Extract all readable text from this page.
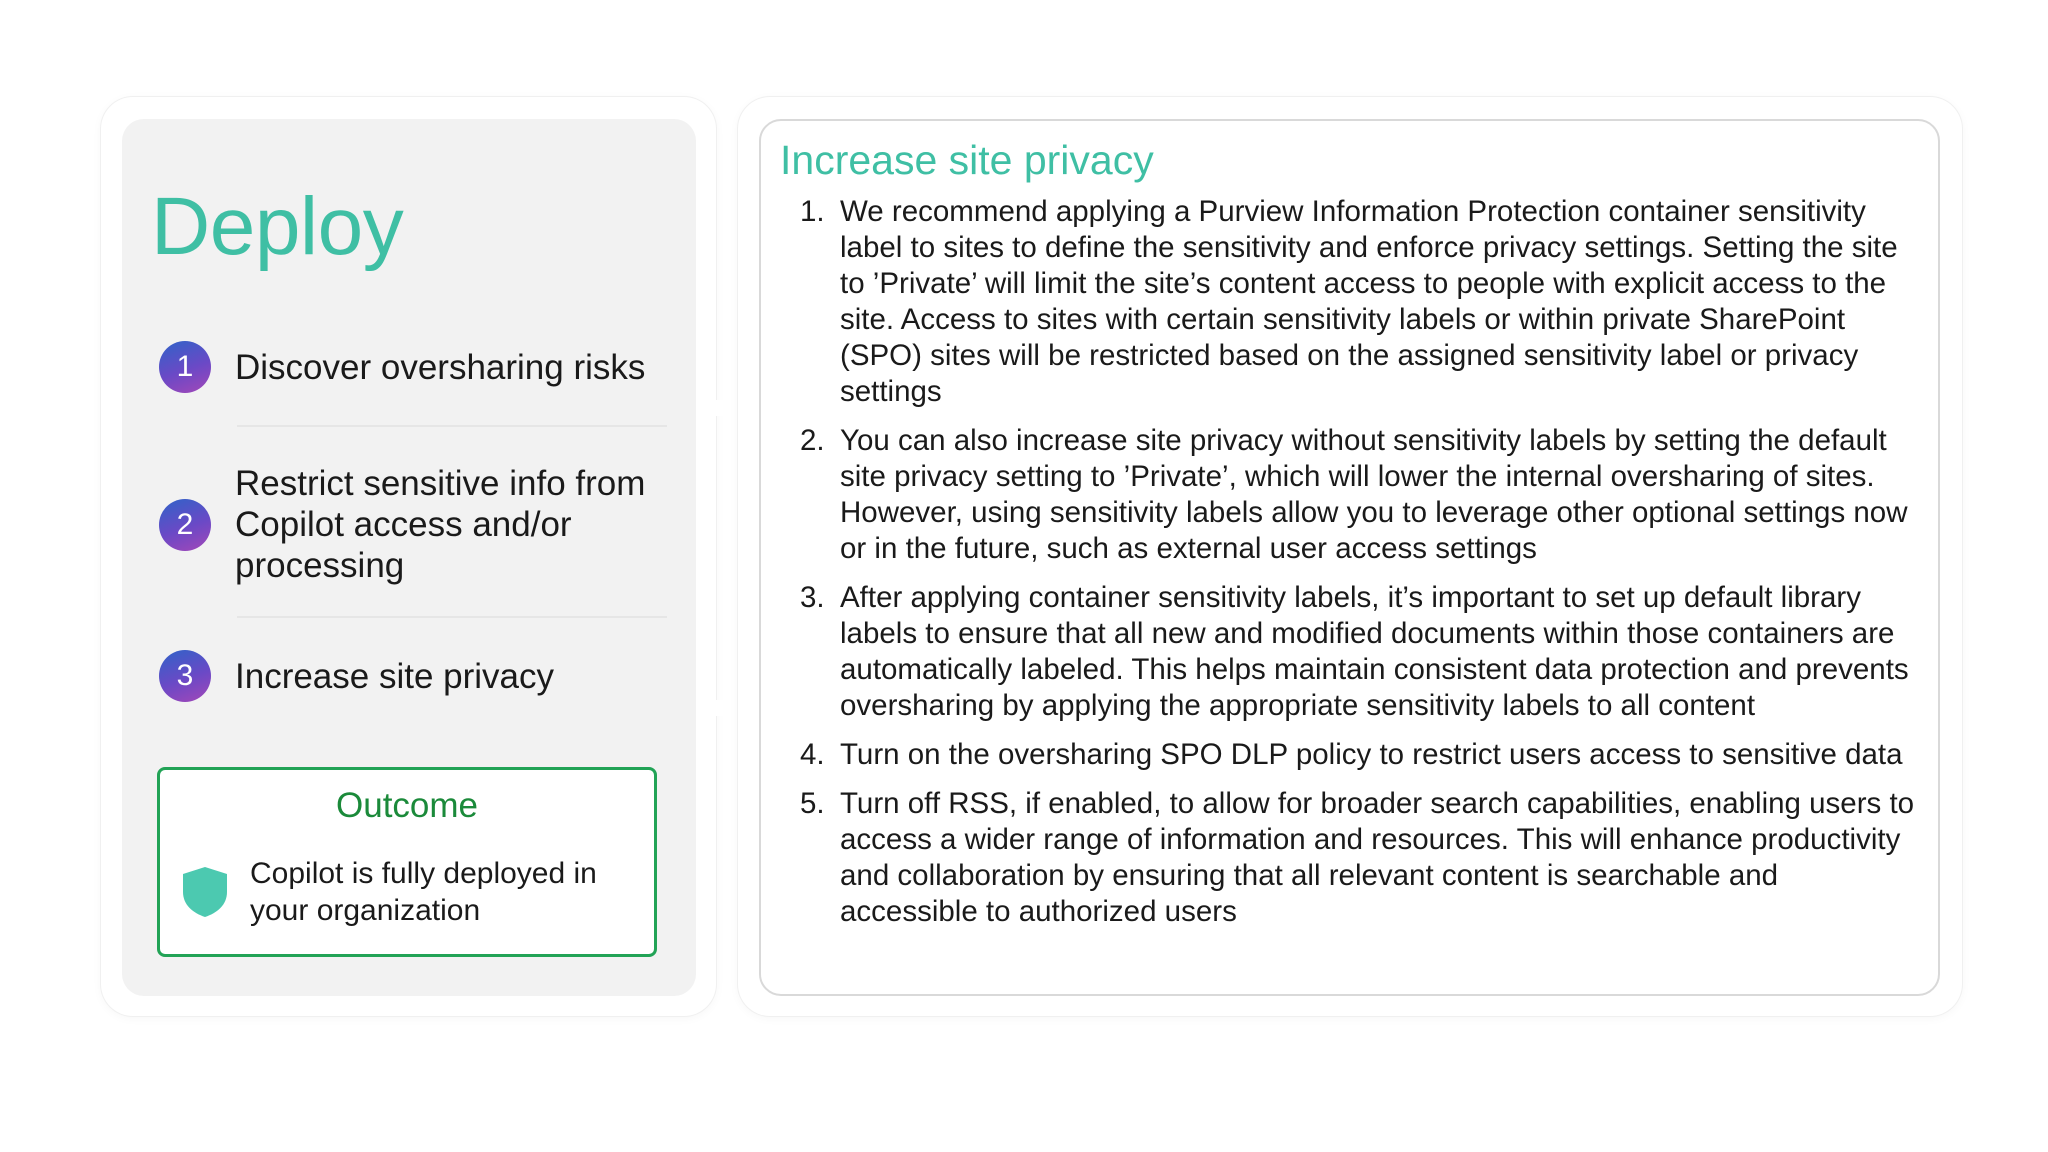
Deploy
1	Discover oversharing risks
2
Restrict sensitive info from Copilot access and/or processing
3	Increase site privacy
Outcome
Copilot is fully deployed in your organization
Increase site privacy
1. We recommend applying a Purview Information Protection container sensitivity label to sites to define the sensitivity and enforce privacy settings. Setting the site to ’Private’ will limit the site’s content access to people with explicit access to the site. Access to sites with certain sensitivity labels or within private SharePoint (SPO) sites will be restricted based on the assigned sensitivity label or privacy settings
2. You can also increase site privacy without sensitivity labels by setting the default site privacy setting to ’Private’, which will lower the internal oversharing of sites. However, using sensitivity labels allow you to leverage other optional settings now or in the future, such as external user access settings
3. After applying container sensitivity labels, it’s important to set up default library labels to ensure that all new and modified documents within those containers are automatically labeled. This helps maintain consistent data protection and prevents oversharing by applying the appropriate sensitivity labels to all content
4. Turn on the oversharing SPO DLP policy to restrict users access to sensitive data
5. Turn off RSS, if enabled, to allow for broader search capabilities, enabling users to access a wider range of information and resources. This will enhance productivity and collaboration by ensuring that all relevant content is searchable and accessible to authorized users
